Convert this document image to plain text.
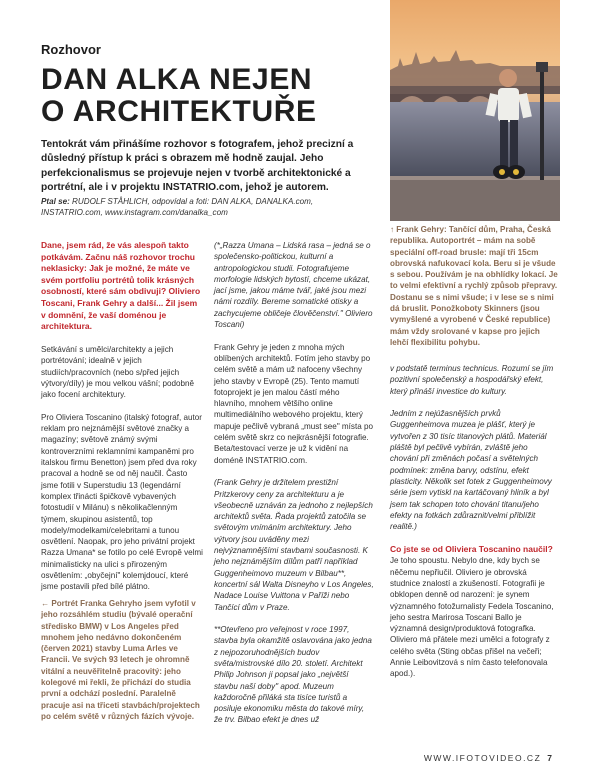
Rozhovor
DAN ALKA NEJEN
O ARCHITEKTUŘE

Tentokrát vám přinášíme rozhovor s fotografem, jehož precizní a důsledný přístup k práci s obrazem mě hodně zaujal. Jeho perfekcionalismus se projevuje nejen v tvorbě architektonické a portrétní, ale i v projektu INSTATRIO.com, jehož je autorem.

Ptal se: RUDOLF STÅHLICH, odpovídal a foti: DAN ALKA, DANALKA.com, INSTATRIO.com, www.instagram.com/danalka_com

Dane, jsem rád, že vás alespoň takto potkávám. Začnu náš rozhovor trochu neklasicky: Jak je možné, že máte ve svém portfoliu portrétů tolik krásných osobností, které sám obdivuji? Oliviero Toscani, Frank Gehry a další... Žil jsem v domnění, že vaší doménou je architektura.

Setkávání s umělci/architekty a jejich portrétování; idealně v jejich studiích/pracovních (nebo s/před jejich výtvory/díly) je mou velkou vášní; podobně jako focení architektury.

Pro Oliviera Toscanino (italský fotograf, autor reklam pro nejznámější světové značky a magazíny; světově známý svými kontroverzními reklamními kampaněmi pro italskou firmu Benetton) jsem před dva roky pracoval a hodně se od něj naučil. Často jsme fotili v Superstudiu 13 (legendární komplex třinácti špičkově vybavených fotostudií v Milánu) s několikačlenným týmem, skupinou asistentů, top modely/modelkami/celebritami a tunou osvětlení. Naopak, pro jeho privátní projekt Razza Umana* se fotilo po celé Evropě velmi minimalisticky na ulici s přirozeným osvětlením: „obyčejní" kolemjdoucí, které jsme postavili před bílé plátno.

← Portrét Franka Gehryho jsem vyfotil v jeho rozsáhlém studiu (bývalé operační středisko BMW) v Los Angeles před mnohem jeho nedávno dokončeném (červen 2021) stavby Luma Arles ve Francii. Ve svých 93 letech je ohromně vitální a neuvěřitelně pracovitý: jeho kolegové mi řekli, že přichází do studia první a odchází poslední. Paralelně pracuje asi na třiceti stavbách/projektech po celém světě v různých fázích vývoje.

(*„Razza Umana – Lidská rasa – jedná se o společensko-politickou, kulturní a antropologickou studii. Fotografujeme morfologie lidských bytostí, chceme ukázat, jací jsme, jakou máme tvář, jaké jsou mezi námi rozdíly. Bereme somatické otisky a zachycujeme obličeje člověčenství." Oliviero Toscani)

Frank Gehry je jeden z mnoha mých oblíbených architektů. Fotím jeho stavby po celém světě a mám už nafoceny všechny jeho stavby v Evropě (25). Tento mamutí fotoprojekt je jen malou částí mého hlavního, mnohem většího online multimediálního webového projektu, který mapuje pečlivě vybraná „must see" místa po celém světě skrz co nejkrásnější fotografie. Beta/testovací verze je už k vidění na doméně INSTATRIO.com.

(Frank Gehry je držitelem prestižní Pritzkerovy ceny za architekturu a je všeobecně uznáván za jednoho z nejlepších architektů světa. Řada projektů zatočila se světovým vnímáním architektury. Jeho výtvory jsou uváděny mezi nejvýznamnějšími stavbami současnosti. K jeho nejznámějším dílům patří například Guggenheimovo muzeum v Bilbau**, koncertní sál Walta Disneyho v Los Angeles, Nadace Louise Vuittona v Paříži nebo Tančící dům v Praze.

**Otevřeno pro veřejnost v roce 1997, stavba byla okamžitě oslavována jako jedna z nejpozoruhodnějších budov světa/mistrovské dílo 20. století. Architekt Philip Johnson ji popsal jako „největší stavbu naší doby" apod. Muzeum každoročně přiláká sta tisíce turistů a posiluje ekonomiku města do takové míry, že trv. Bilbao efekt je dnes už

↑ Frank Gehry: Tančící dům, Praha, Česká republika. Autoportrét – mám na sobě speciální off-road brusle: mají tři 15cm obrovská nafukovací kola. Beru si je všude s sebou. Používám je na obhlídky lokací. Je to velmi efektivní a rychlý způsob přepravy. Dostanu se s nimi všude; i v lese se s nimi dá bruslit. Ponožkoboty Skinners (jsou vymyšlené a vyrobené v České republice) mám vždy srolované v kapse pro jejich lehčí flexibilitu pohybu.

v podstatě terminus technicus. Rozumí se jím pozitivní společenský a hospodářský efekt, který přináší investice do kultury.

Jedním z nejúžasnějších prvků Guggenheimova muzea je plášť, který je vytvořen z 30 tisíc titanových plátů. Materiál pláště byl pečlivě vybírán, zvláště jeho chování při změnách počasí a světelných podmínek: změna barvy, odstínu, efekt plasticity. Několik set fotek z Guggenheimovy série jsem vytiskl na kartáčovaný hliník a byl jsem tak schopen toto chování titanu/jeho efekty na fotkách zdůraznit/velmi přiblížit realitě.)

Co jste se od Oliviera Toscanino naučil?

Je toho spoustu. Nebylo dne, kdy bych se něčemu nepřiučil. Oliviero je obrovská studnice znalostí a zkušeností. Fotografii je obklopen denně od narození: je synem významného fotožurnalisty Fedela Toscanino, jeho sestra Marirosa Toscani Ballo je významná design/produktová fotografka. Oliviero má přátele mezi umělci a fotografy z celého světa (Sting občas přišel na večeři; Annie Leibovitzová s ním často telefonovala apod.).

WWW.IFOTOVIDEO.CZ 7
